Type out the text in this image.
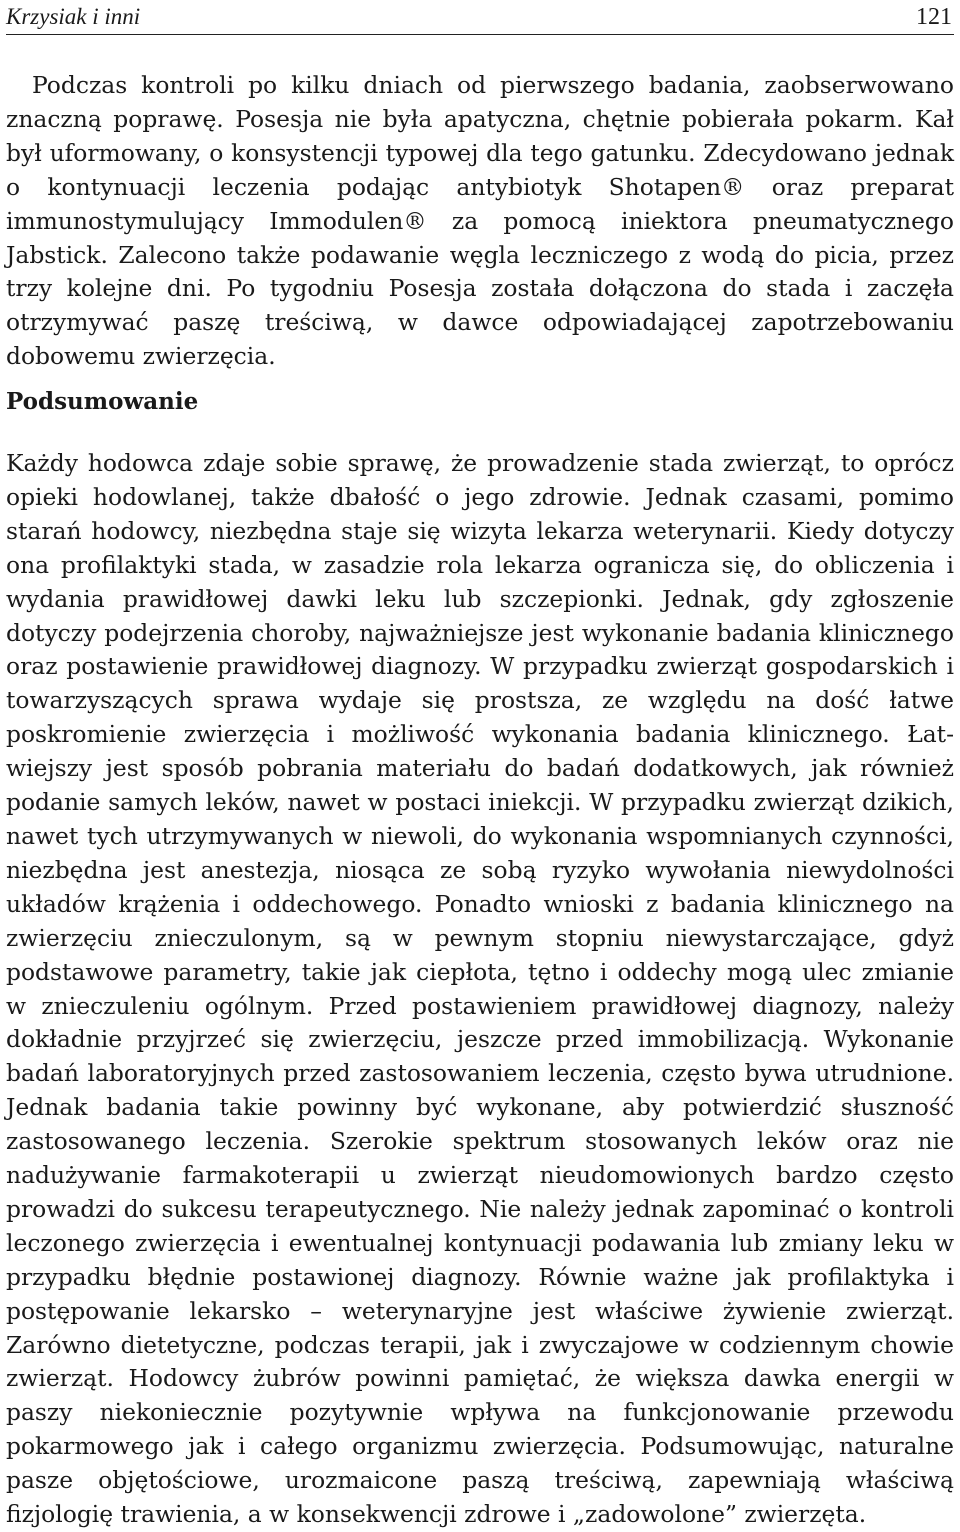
Krzysiak i inni	121

Podczas kontroli po kilku dniach od pierwszego badania, zaobserwowano znaczną poprawę. Posesja nie była apatyczna, chętnie pobierała pokarm. Kał był uformowany, o konsystencji typowej dla tego gatunku. Zdecydowano jednak o kontynuacji leczenia podając antybiotyk Shotapen® oraz preparat immunostymulujący Immodulen® za pomocą iniektora pneumatycznego Jabstick. Zalecono także podawanie węgla leczniczego z wodą do picia, przez trzy kolejne dni. Po tygodniu Posesja została dołączona do stada i zaczęła otrzymywać paszę treściwą, w dawce odpowiadającej zapotrzebowaniu dobowemu zwierzęcia.

Podsumowanie

Każdy hodowca zdaje sobie sprawę, że prowadzenie stada zwierząt, to oprócz opieki hodowlanej, także dbałość o jego zdrowie. Jednak czasami, pomimo starań hodowcy, niezbędna staje się wizyta lekarza weterynarii. Kiedy dotyczy ona profilaktyki stada, w zasadzie rola lekarza ogranicza się, do obliczenia i wydania prawidłowej dawki leku lub szczepionki. Jednak, gdy zgłoszenie dotyczy podejrzenia choroby, najważniejsze jest wykonanie badania klinicznego oraz postawienie prawidłowej diagnozy. W przypadku zwierząt gospodarskich i towarzyszących sprawa wydaje się prostsza, ze względu na dość łatwe poskromienie zwierzęcia i możliwość wykonania badania klinicznego. Łatwiejszy jest sposób pobrania materiału do badań dodatkowych, jak również podanie samych leków, nawet w postaci iniekcji. W przypadku zwierząt dzikich, nawet tych utrzymywanych w niewoli, do wykonania wspomnianych czynności, niezbędna jest anestezja, niosąca ze sobą ryzyko wywołania niewydolności układów krążenia i oddechowego. Ponadto wnioski z badania klinicznego na zwierzęciu znieczulonym, są w pewnym stopniu niewystarczające, gdyż podstawowe parametry, takie jak ciepłota, tętno i oddechy mogą ulec zmianie w znieczuleniu ogólnym. Przed postawieniem prawidłowej diagnozy, należy dokładnie przyjrzeć się zwierzęciu, jeszcze przed immobilizacją. Wykonanie badań laboratoryjnych przed zastosowaniem leczenia, często bywa utrudnione. Jednak badania takie powinny być wykonane, aby potwierdzić słuszność zastosowanego leczenia. Szerokie spektrum stosowanych leków oraz nie nadużywanie farmakoterapii u zwierząt nieudomowionych bardzo często prowadzi do sukcesu terapeutycznego. Nie należy jednak zapominać o kontroli leczonego zwierzęcia i ewentualnej kontynuacji podawania lub zmiany leku w przypadku błędnie postawionej diagnozy. Równie ważne jak profilaktyka i postępowanie lekarsko – weterynaryjne jest właściwe żywienie zwierząt. Zarówno dietetyczne, podczas terapii, jak i zwyczajowe w codziennym chowie zwierząt. Hodowcy żubrów powinni pamiętać, że większa dawka energii w paszy niekoniecznie pozytywnie wpływa na funkcjonowanie przewodu pokarmowego jak i całego organizmu zwierzęcia. Podsumowując, naturalne pasze objętościowe, urozmaicone paszą treściwą, zapewniają właściwą fizjologię trawienia, a w konsekwencji zdrowe i „zadowolone” zwierzęta.
